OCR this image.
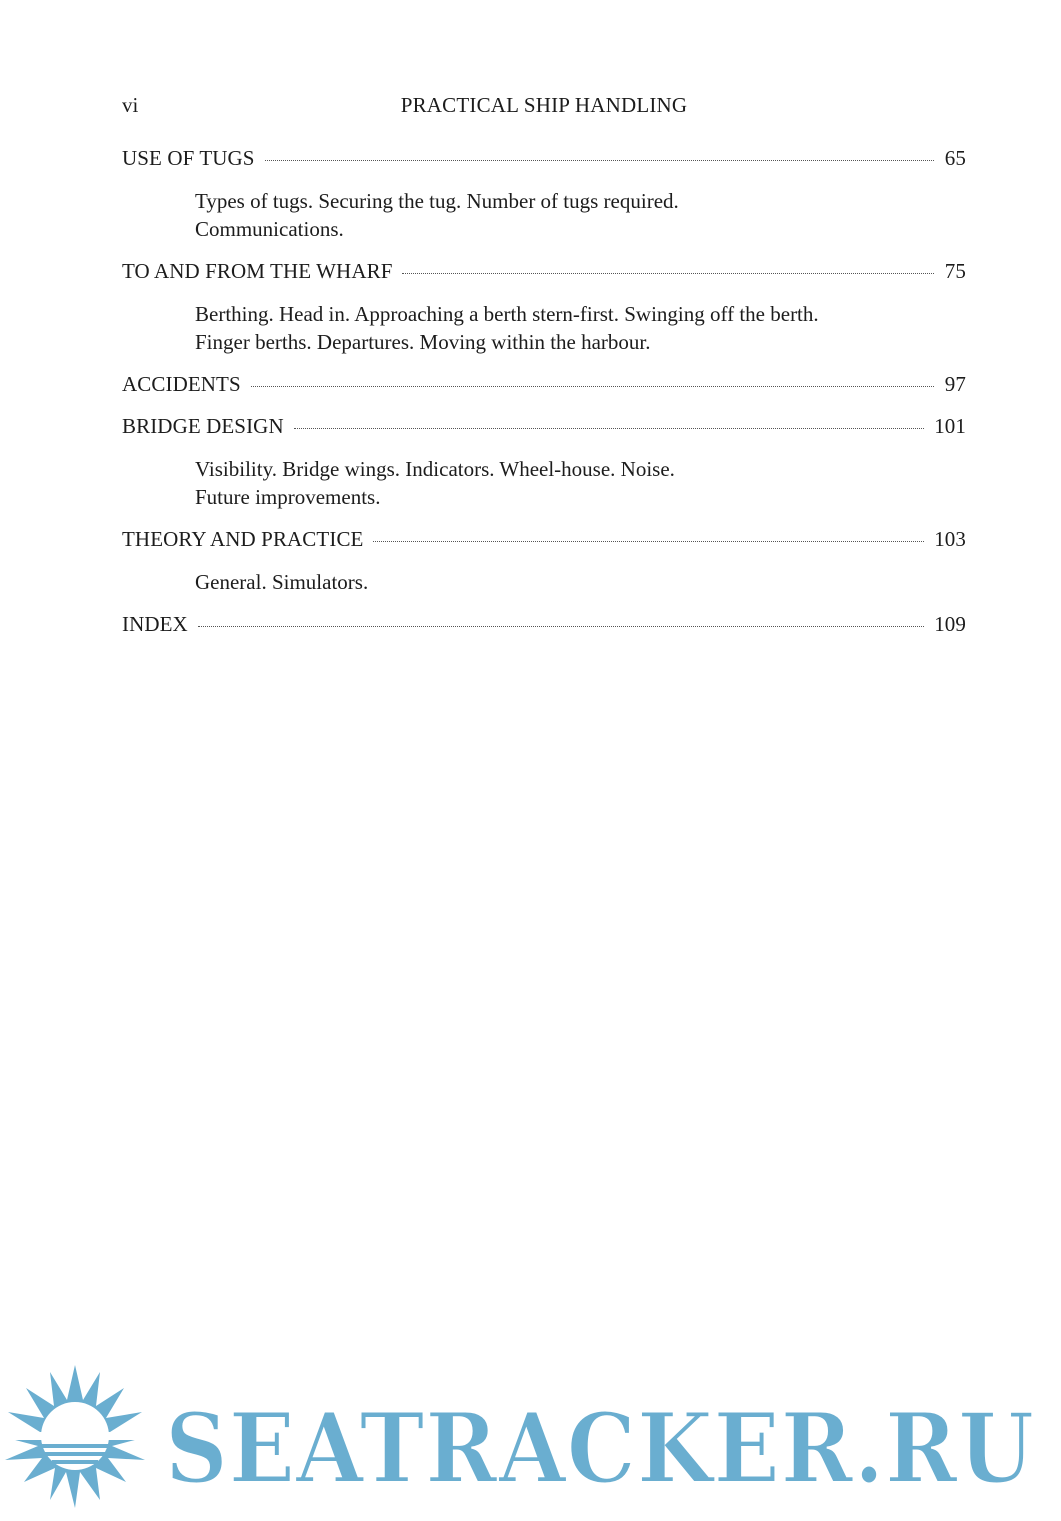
vi	PRACTICAL SHIP HANDLING
USE OF TUGS	65
Types of tugs. Securing the tug. Number of tugs required.
Communications.
TO AND FROM THE WHARF	75
Berthing. Head in. Approaching a berth stern-first. Swinging off the berth.
Finger berths. Departures. Moving within the harbour.
ACCIDENTS	97
BRIDGE DESIGN	101
Visibility. Bridge wings. Indicators. Wheel-house. Noise.
Future improvements.
THEORY AND PRACTICE	103
General. Simulators.
INDEX	109
SEATRACKER.RU
